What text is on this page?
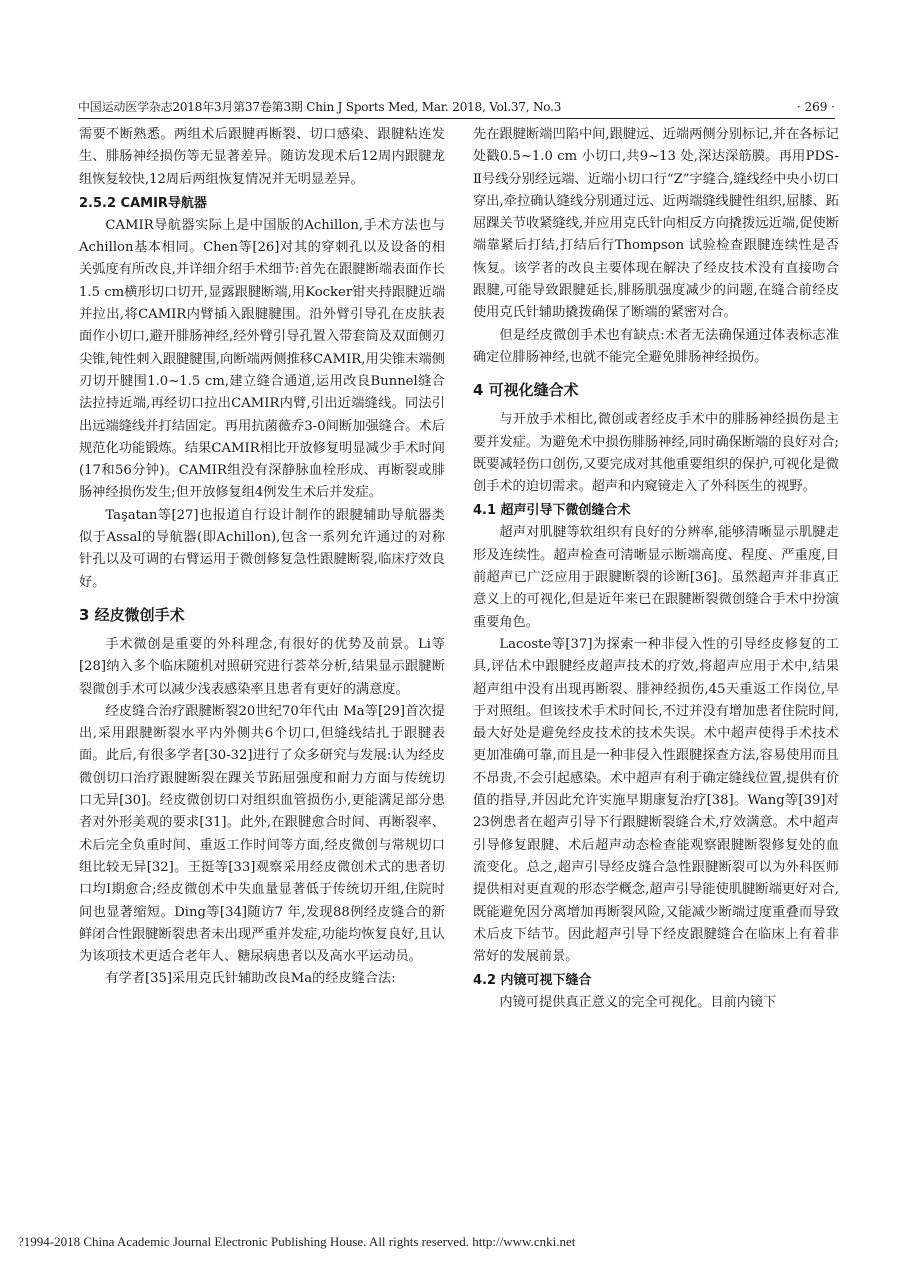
中国运动医学杂志2018年3月第37卷第3期 Chin J Sports Med, Mar. 2018, Vol.37, No.3	· 269 ·

需要不断熟悉。两组术后跟腱再断裂、切口感染、跟腱粘连发生、腓肠神经损伤等无显著差异。随访发现术后12周内跟腱龙组恢复较快,12周后两组恢复情况并无明显差异。

2.5.2 CAMIR导航器

CAMIR导航器实际上是中国版的Achillon,手术方法也与Achillon基本相同。Chen等[26]对其的穿刺孔以及设备的相关弧度有所改良,并详细介绍手术细节:首先在跟腱断端表面作长1.5 cm横形切口切开,显露跟腱断端,用Kocker钳夹持跟腱近端并拉出,将CAMIR内臂插入跟腱腱围。沿外臂引导孔在皮肤表面作小切口,避开腓肠神经,经外臂引导孔置入带套筒及双面侧刃尖锥,钝性刺入跟腱腱围,向断端两侧推移CAMIR,用尖锥末端侧刃切开腱围1.0~1.5 cm,建立缝合通道,运用改良Bunnel缝合法拉持近端,再经切口拉出CAMIR内臂,引出近端缝线。同法引出远端缝线并打结固定。再用抗菌薇乔3-0间断加强缝合。术后规范化功能锻炼。结果CAMIR相比开放修复明显减少手术时间(17和56分钟)。CAMIR组没有深静脉血栓形成、再断裂或腓肠神经损伤发生;但开放修复组4例发生术后并发症。

Taşatan等[27]也报道自行设计制作的跟腱辅助导航器类似于Assal的导航器(即Achillon),包含一系列允许通过的对称针孔以及可调的右臂运用于微创修复急性跟腱断裂,临床疗效良好。

3 经皮微创手术

手术微创是重要的外科理念,有很好的优势及前景。Li等[28]纳入多个临床随机对照研究进行荟萃分析,结果显示跟腱断裂微创手术可以减少浅表感染率且患者有更好的满意度。

经皮缝合治疗跟腱断裂20世纪70年代由 Ma等[29]首次提出,采用跟腱断裂水平内外侧共6个切口,但缝线结扎于跟腱表面。此后,有很多学者[30-32]进行了众多研究与发展:认为经皮微创切口治疗跟腱断裂在踝关节跖屈强度和耐力方面与传统切口无异[30]。经皮微创切口对组织血管损伤小,更能满足部分患者对外形美观的要求[31]。此外,在跟腱愈合时间、再断裂率、术后完全负重时间、重返工作时间等方面,经皮微创与常规切口组比较无异[32]。王挺等[33]观察采用经皮微创术式的患者切口均Ⅰ期愈合;经皮微创术中失血量显著低于传统切开组,住院时间也显著缩短。Ding等[34]随访7 年,发现88例经皮缝合的新鲜闭合性跟腱断裂患者未出现严重并发症,功能均恢复良好,且认为该项技术更适合老年人、糖尿病患者以及高水平运动员。

有学者[35]采用克氏针辅助改良Ma的经皮缝合法:

先在跟腱断端凹陷中间,跟腱远、近端两侧分别标记,并在各标记处戳0.5~1.0 cm 小切口,共9~13 处,深达深筋膜。再用PDS-Ⅱ号线分别经远端、近端小切口行“Z”字缝合,缝线经中央小切口穿出,牵拉确认缝线分别通过远、近两端缝线腱性组织,屈膝、跖屈踝关节收紧缝线,并应用克氏针向相反方向撬拨远近端,促使断端靠紧后打结,打结后行Thompson 试验检查跟腱连续性是否恢复。该学者的改良主要体现在解决了经皮技术没有直接吻合跟腱,可能导致跟腱延长,腓肠肌强度减少的问题,在缝合前经皮使用克氏针辅助撬拨确保了断端的紧密对合。

但是经皮微创手术也有缺点:术者无法确保通过体表标志准确定位腓肠神经,也就不能完全避免腓肠神经损伤。

4 可视化缝合术

与开放手术相比,微创或者经皮手术中的腓肠神经损伤是主要并发症。为避免术中损伤腓肠神经,同时确保断端的良好对合;既要减轻伤口创伤,又要完成对其他重要组织的保护,可视化是微创手术的迫切需求。超声和内窥镜走入了外科医生的视野。

4.1 超声引导下微创缝合术

超声对肌腱等软组织有良好的分辨率,能够清晰显示肌腱走形及连续性。超声检查可清晰显示断端高度、程度、严重度,目前超声已广泛应用于跟腱断裂的诊断[36]。虽然超声并非真正意义上的可视化,但是近年来已在跟腱断裂微创缝合手术中扮演重要角色。

Lacoste等[37]为探索一种非侵入性的引导经皮修复的工具,评估术中跟腱经皮超声技术的疗效,将超声应用于术中,结果超声组中没有出现再断裂、腓神经损伤,45天重返工作岗位,早于对照组。但该技术手术时间长,不过并没有增加患者住院时间,最大好处是避免经皮技术的技术失误。术中超声使得手术技术更加准确可靠,而且是一种非侵入性跟腱探查方法,容易使用而且不昂贵,不会引起感染。术中超声有利于确定缝线位置,提供有价值的指导,并因此允许实施早期康复治疗[38]。Wang等[39]对23例患者在超声引导下行跟腱断裂缝合术,疗效满意。术中超声引导修复跟腱、术后超声动态检查能观察跟腱断裂修复处的血流变化。总之,超声引导经皮缝合急性跟腱断裂可以为外科医师提供相对更直观的形态学概念,超声引导能使肌腱断端更好对合,既能避免因分离增加再断裂风险,又能减少断端过度重叠而导致术后皮下结节。因此超声引导下经皮跟腱缝合在临床上有着非常好的发展前景。

4.2 内镜可视下缝合

内镜可提供真正意义的完全可视化。目前内镜下

?1994-2018 China Academic Journal Electronic Publishing House. All rights reserved. http://www.cnki.net
